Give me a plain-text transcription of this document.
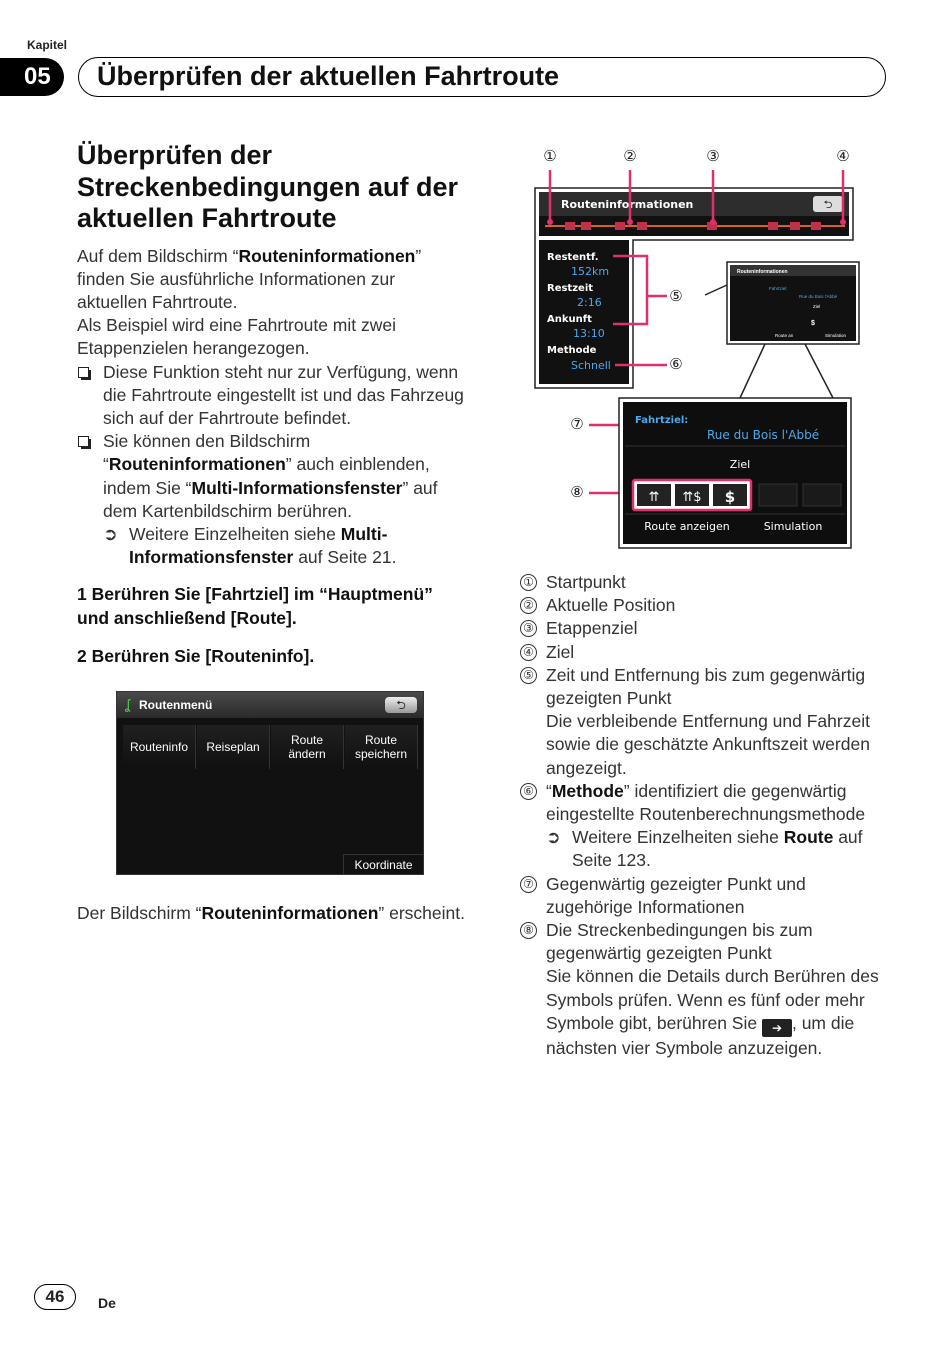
Kapitel
05	Überprüfen der aktuellen Fahrtroute
Überprüfen der Streckenbedingungen auf der aktuellen Fahrtroute

Auf dem Bildschirm “Routeninformationen” finden Sie ausführliche Informationen zur aktuellen Fahrtroute.

Als Beispiel wird eine Fahrtroute mit zwei Etappenzielen herangezogen.

Diese Funktion steht nur zur Verfügung, wenn die Fahrtroute eingestellt ist und das Fahrzeug sich auf der Fahrtroute befindet.
Sie können den Bildschirm “Routeninformationen” auch einblenden, indem Sie “Multi-Informationsfenster” auf dem Kartenbildschirm berühren.
➲ Weitere Einzelheiten siehe Multi-Informationsfenster auf Seite 21.

1 Berühren Sie [Fahrtziel] im “Hauptmenü” und anschließend [Route].

2 Berühren Sie [Routeninfo].

Routenmenü
ʆ	⮌
Routeninfo	Reiseplan	Route
ändern
Route
speichern
Koordinate

Der Bildschirm “Routeninformationen” erscheint.

①	②	③	④
⑤
⑥
⑦
⑧
Routeninformationen	⮌
Restentf.
152km
Restzeit
2:16
Ankunft
13:10
Methode
Schnell
Routeninformationen
Fahrtziel:
Rue du Bois l'Abbé
Ziel
Route an	Simulation
$
Fahrtziel:
Rue du Bois l'Abbé
Ziel
⇈ ⇈$ $
Route anzeigen	Simulation
① Startpunkt
② Aktuelle Position
③ Etappenziel
④ Ziel
⑤ Zeit und Entfernung bis zum gegenwärtig gezeigten Punkt
Die verbleibende Entfernung und Fahrzeit sowie die geschätzte Ankunftszeit werden angezeigt.
⑥ “Methode” identifiziert die gegenwärtig eingestellte Routenberechnungsmethode
➲ Weitere Einzelheiten siehe Route auf Seite 123.
⑦ Gegenwärtig gezeigter Punkt und zugehörige Informationen
⑧ Die Streckenbedingungen bis zum gegenwärtig gezeigten Punkt
Sie können die Details durch Berühren des Symbols prüfen. Wenn es fünf oder mehr Symbole gibt, berühren Sie ➔ , um die nächsten vier Symbole anzuzeigen.
46	De
